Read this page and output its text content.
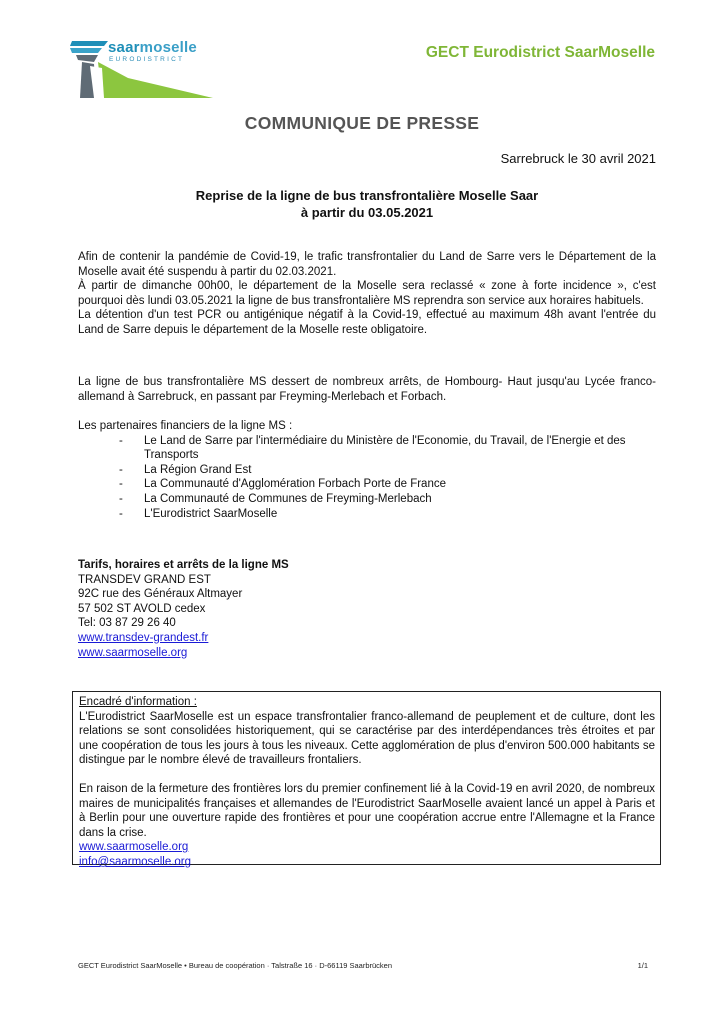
saarmoselle
EURODISTRICT	GECT Eurodistrict SaarMoselle
COMMUNIQUE DE PRESSE
Sarrebruck le 30 avril 2021
Reprise de la ligne de bus transfrontalière Moselle Saar
à partir du 03.05.2021
Afin de contenir la pandémie de Covid-19, le trafic transfrontalier du Land de Sarre vers le Département de la Moselle avait été suspendu à partir du 02.03.2021.
À partir de dimanche 00h00, le département de la Moselle sera reclassé « zone à forte incidence », c'est pourquoi dès lundi 03.05.2021 la ligne de bus transfrontalière MS reprendra son service aux horaires habituels.
La détention d'un test PCR ou antigénique négatif à la Covid-19, effectué au maximum 48h avant l'entrée du Land de Sarre depuis le département de la Moselle reste obligatoire.
La ligne de bus transfrontalière MS dessert de nombreux arrêts, de Hombourg- Haut jusqu'au Lycée franco-allemand à Sarrebruck, en passant par Freyming-Merlebach et Forbach.
Les partenaires financiers de la ligne MS :
- Le Land de Sarre par l'intermédiaire du Ministère de l'Economie, du Travail, de l'Energie et des Transports
- La Région Grand Est
- La Communauté d'Agglomération Forbach Porte de France
- La Communauté de Communes de Freyming-Merlebach
- L'Eurodistrict SaarMoselle
Tarifs, horaires et arrêts de la ligne MS
TRANSDEV GRAND EST
92C rue des Généraux Altmayer
57 502 ST AVOLD cedex
Tel: 03 87 29 26 40
www.transdev-grandest.fr
www.saarmoselle.org
Encadré d'information :
L'Eurodistrict SaarMoselle est un espace transfrontalier franco-allemand de peuplement et de culture, dont les relations se sont consolidées historiquement, qui se caractérise par des interdépendances très étroites et par une coopération de tous les jours à tous les niveaux. Cette agglomération de plus d'environ 500.000 habitants se distingue par le nombre élevé de travailleurs frontaliers.
En raison de la fermeture des frontières lors du premier confinement lié à la Covid-19 en avril 2020, de nombreux maires de municipalités françaises et allemandes de l'Eurodistrict SaarMoselle avaient lancé un appel à Paris et à Berlin pour une ouverture rapide des frontières et pour une coopération accrue entre l'Allemagne et la France dans la crise.
www.saarmoselle.org
info@saarmoselle.org
GECT Eurodistrict SaarMoselle • Bureau de coopération · Talstraße 16 · D-66119 Saarbrücken	1/1
